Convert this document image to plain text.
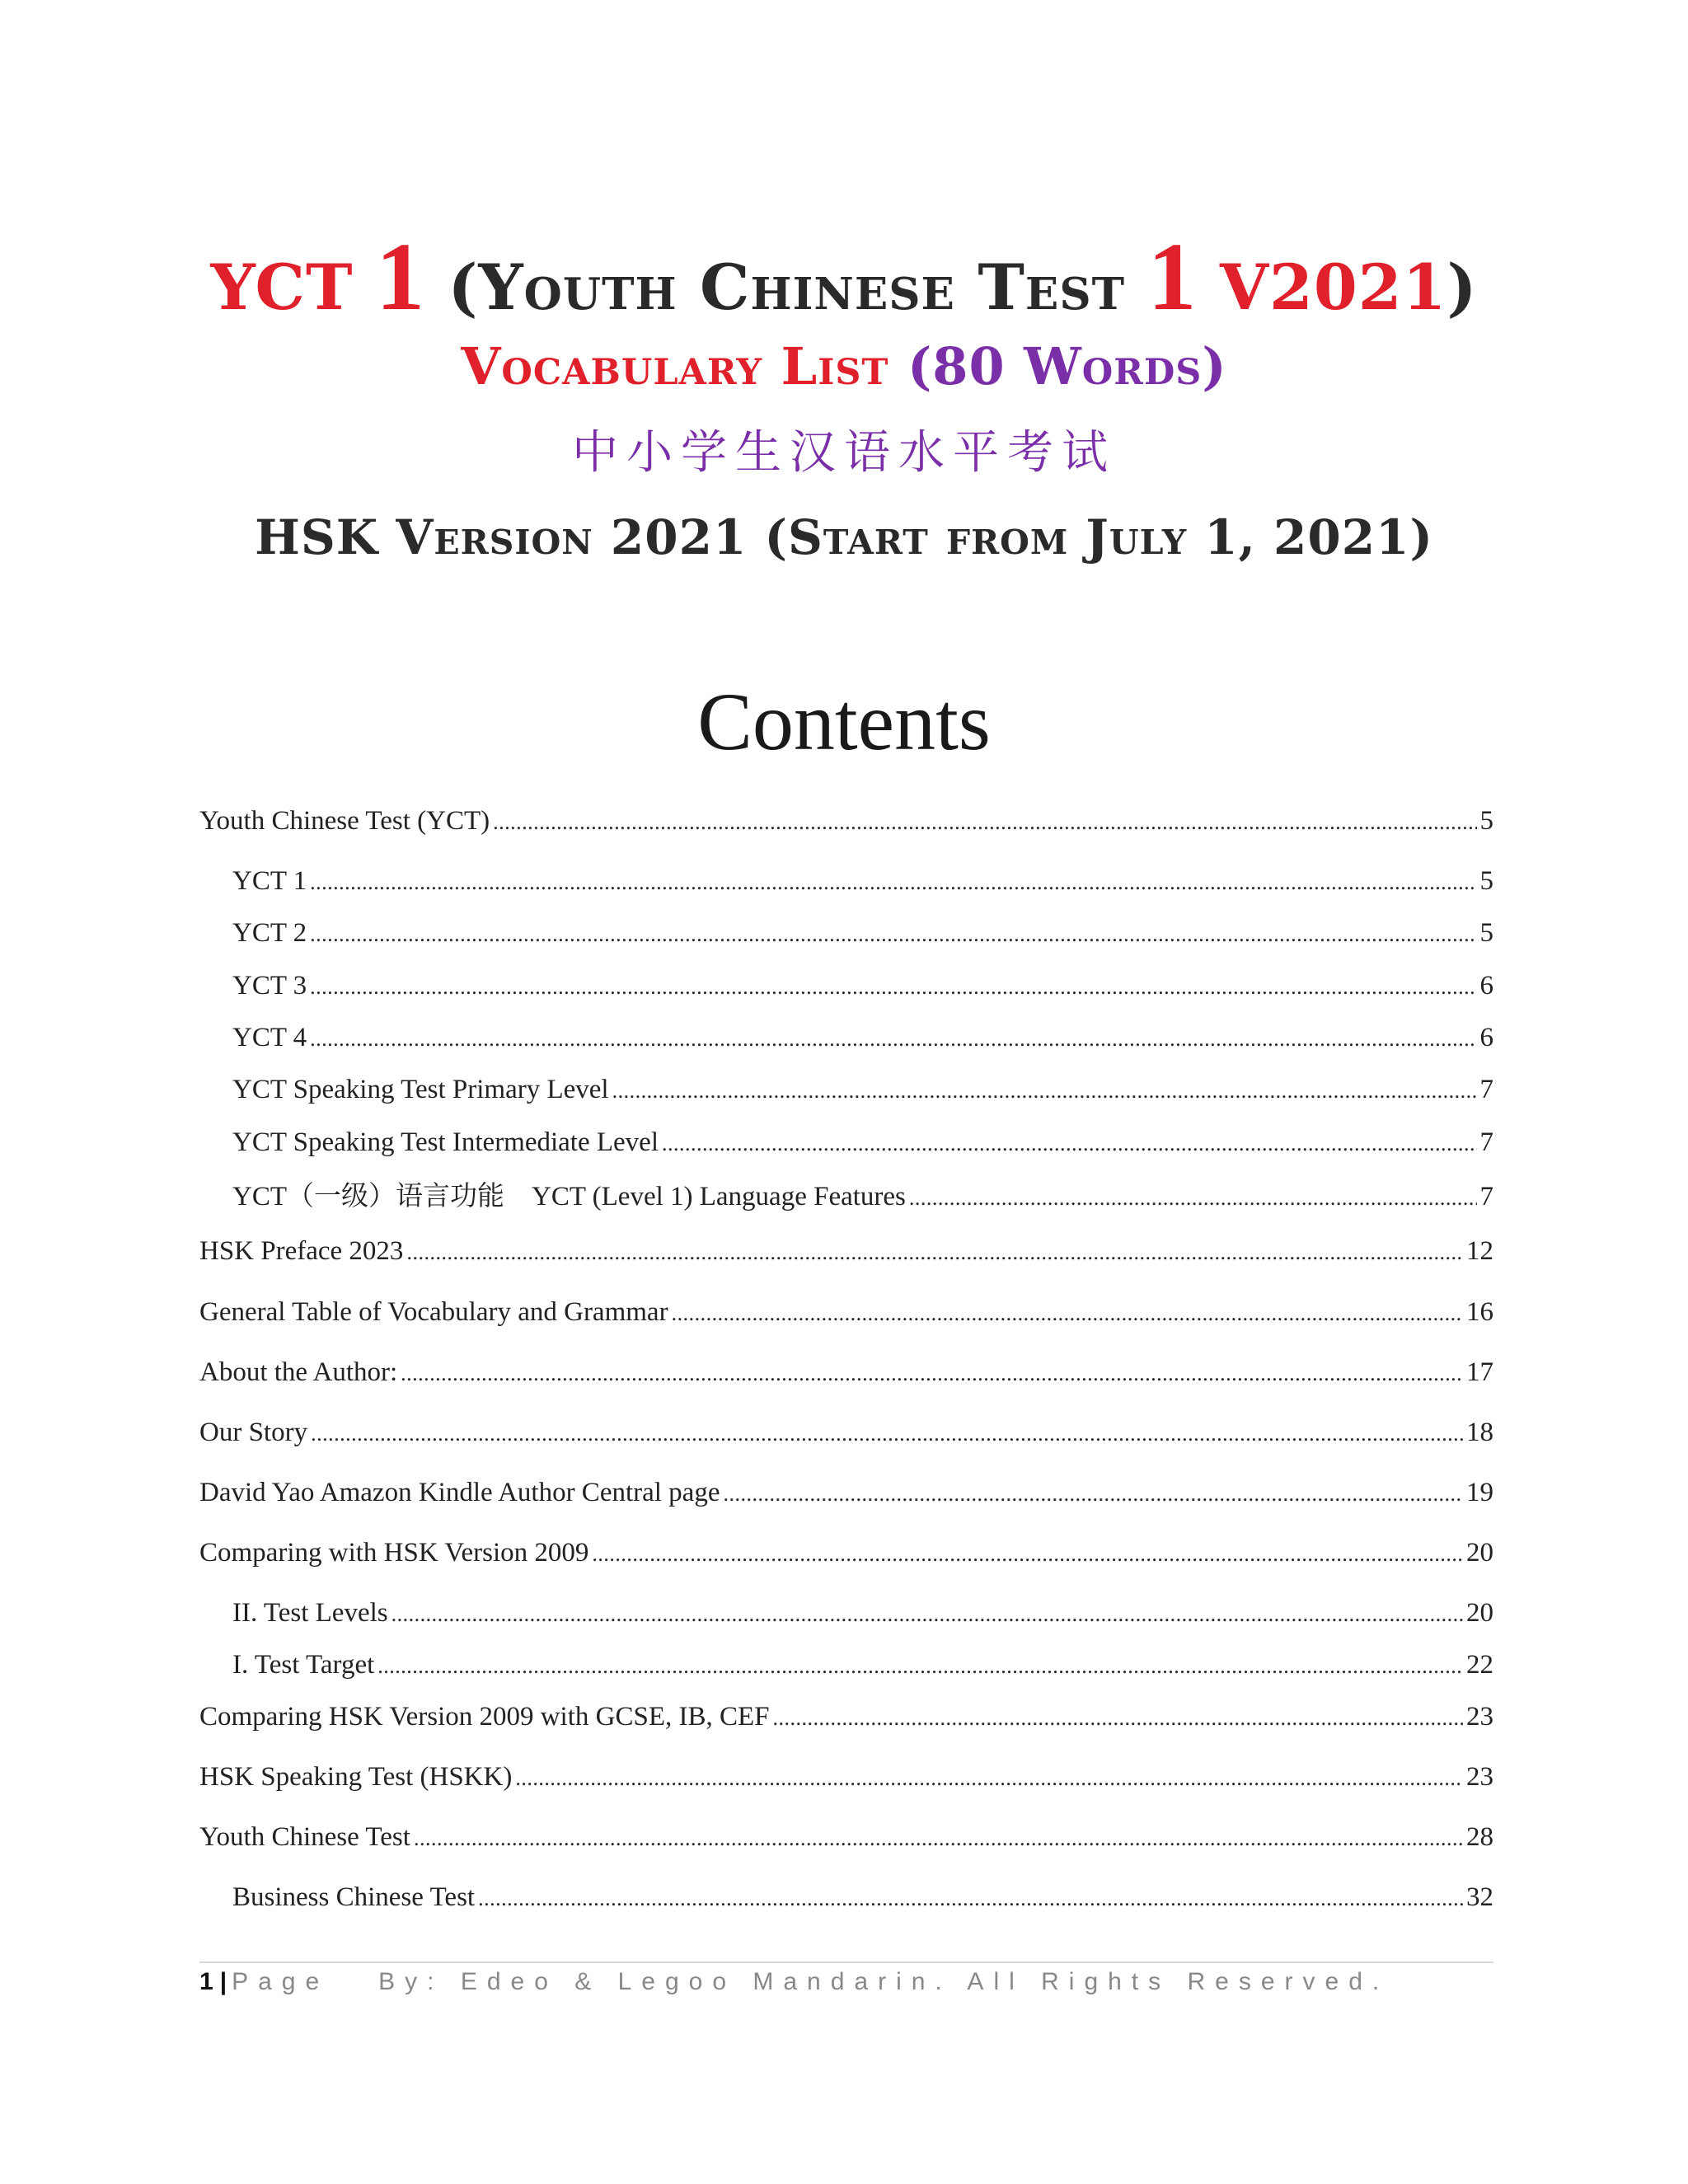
YCT 1 (Youth Chinese Test 1 V2021)
Vocabulary List (80 Words)
中小学生汉语水平考试
HSK Version 2021 (Start from July 1, 2021)
Contents
Youth Chinese Test (YCT) . . .	5
YCT 1 . . .	5
YCT 2 . . .	5
YCT 3 . . .	6
YCT 4 . . .	6
YCT Speaking Test Primary Level . . .	7
YCT Speaking Test Intermediate Level . . .	7
YCT（一级）语言功能　YCT (Level 1) Language Features . . .	7
HSK Preface 2023 . . .	12
General Table of Vocabulary and Grammar . . .	16
About the Author: . . .	17
Our Story . . .	18
David Yao Amazon Kindle Author Central page . . .	19
Comparing with HSK Version 2009 . . .	20
II. Test Levels . . .	20
I. Test Target . . .	22
Comparing HSK Version 2009 with GCSE, IB, CEF . . .	23
HSK Speaking Test (HSKK) . . .	23
Youth Chinese Test . . .	28
Business Chinese Test . . .	32
1 | Page By: Edeo & Legoo Mandarin. All Rights Reserved.
